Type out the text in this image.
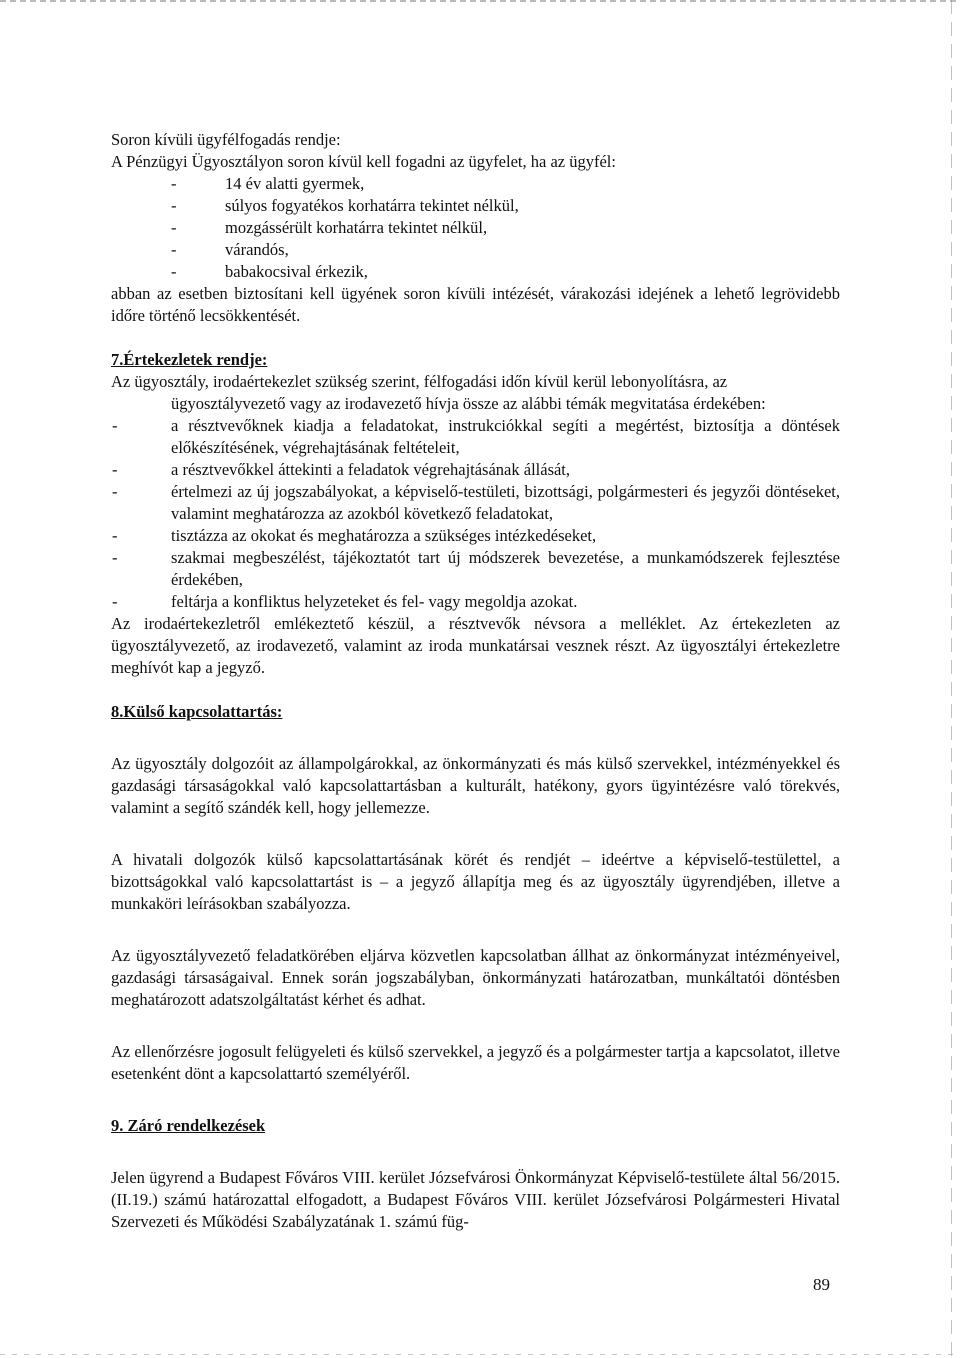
Soron kívüli ügyfélfogadás rendje:

A Pénzügyi Ügyosztályon soron kívül kell fogadni az ügyfelet, ha az ügyfél:

- 14 év alatti gyermek,
- súlyos fogyatékos korhatárra tekintet nélkül,
- mozgássérült korhatárra tekintet nélkül,
- várandós,
- babakocsival érkezik,

abban az esetben biztosítani kell ügyének soron kívüli intézését, várakozási idejének a lehető legrövidebb időre történő lecsökkentését.

7.Értekezletek rendje:

Az ügyosztály, irodaértekezlet szükség szerint, félfogadási időn kívül kerül lebonyolításra, az

ügyosztályvezető vagy az irodavezető hívja össze az alábbi témák megvitatása érdekében:

- a résztvevőknek kiadja a feladatokat, instrukciókkal segíti a megértést, biztosítja a döntések előkészítésének, végrehajtásának feltételeit,
- a résztvevőkkel áttekinti a feladatok végrehajtásának állását,
- értelmezi az új jogszabályokat, a képviselő-testületi, bizottsági, polgármesteri és jegyzői döntéseket, valamint meghatározza az azokból következő feladatokat,
- tisztázza az okokat és meghatározza a szükséges intézkedéseket,
- szakmai megbeszélést, tájékoztatót tart új módszerek bevezetése, a munkamódszerek fejlesztése érdekében,
- feltárja a konfliktus helyzeteket és fel- vagy megoldja azokat.

Az irodaértekezletről emlékeztető készül, a résztvevők névsora a melléklet. Az értekezleten az ügyosztályvezető, az irodavezető, valamint az iroda munkatársai vesznek részt. Az ügyosztályi értekezletre meghívót kap a jegyző.

8.Külső kapcsolattartás:

Az ügyosztály dolgozóit az állampolgárokkal, az önkormányzati és más külső szervekkel, intézményekkel és gazdasági társaságokkal való kapcsolattartásban a kulturált, hatékony, gyors ügyintézésre való törekvés, valamint a segítő szándék kell, hogy jellemezze.

A hivatali dolgozók külső kapcsolattartásának körét és rendjét – ideértve a képviselő-testülettel, a bizottságokkal való kapcsolattartást is – a jegyző állapítja meg és az ügyosztály ügyrendjében, illetve a munkaköri leírásokban szabályozza.

Az ügyosztályvezető feladatkörében eljárva közvetlen kapcsolatban állhat az önkormányzat intézményeivel, gazdasági társaságaival. Ennek során jogszabályban, önkormányzati határozatban, munkáltatói döntésben meghatározott adatszolgáltatást kérhet és adhat.

Az ellenőrzésre jogosult felügyeleti és külső szervekkel, a jegyző és a polgármester tartja a kapcsolatot, illetve esetenként dönt a kapcsolattartó személyéről.

9. Záró rendelkezések

Jelen ügyrend a Budapest Főváros VIII. kerület Józsefvárosi Önkormányzat Képviselő-testülete által 56/2015. (II.19.) számú határozattal elfogadott, a Budapest Főváros VIII. kerület Józsefvárosi Polgármesteri Hivatal Szervezeti és Működési Szabályzatának 1. számú füg-

89
